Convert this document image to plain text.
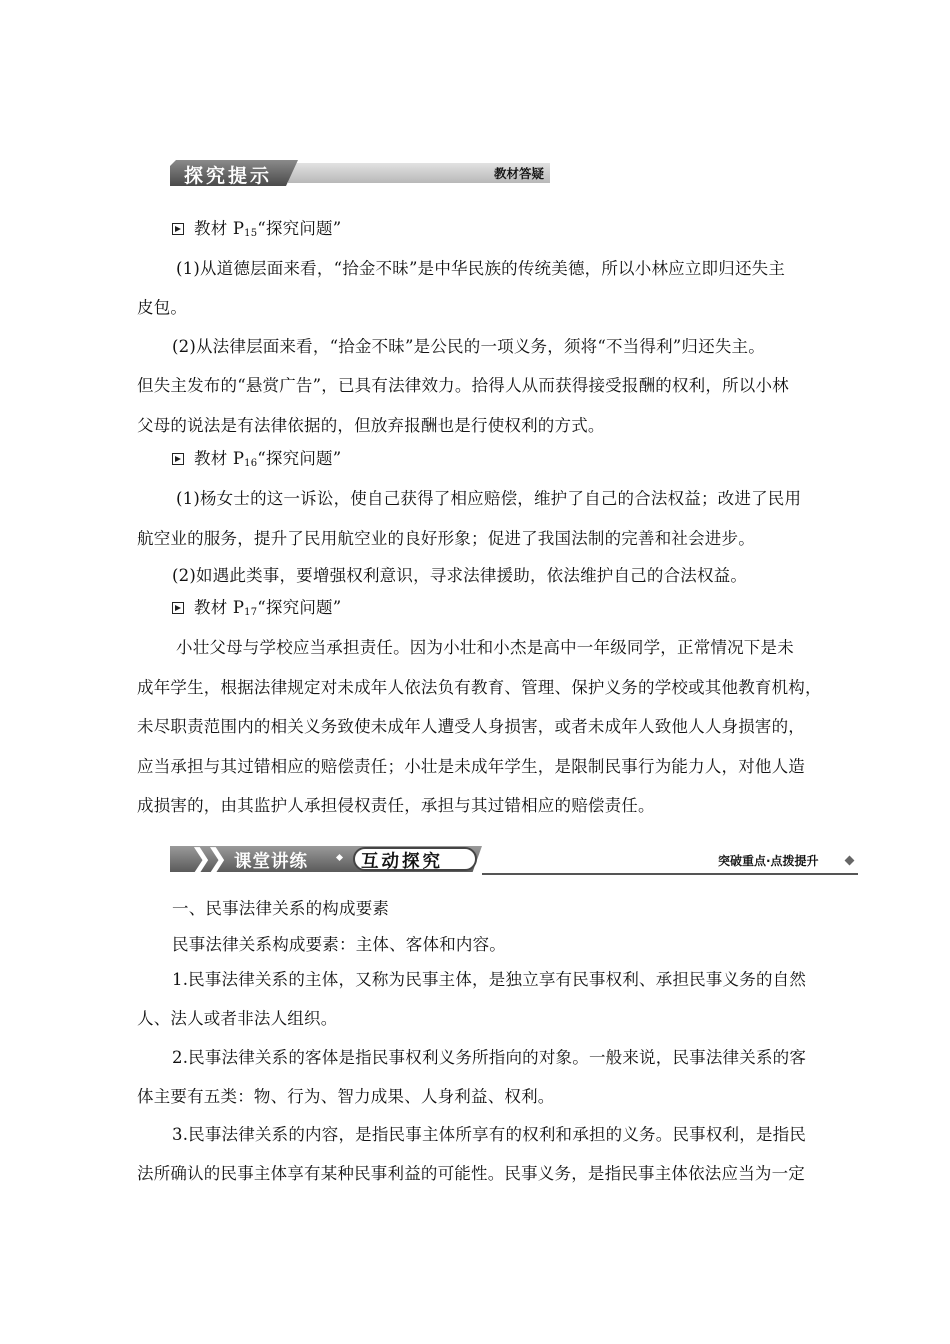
探究提示	教材答疑
教材 $P_{15}“$探究问题”
(1)从道德层面来看，“拾金不昧”是中华民族的传统美德，所以小林应立即归还失主
皮包。
(2)从法律层面来看，“拾金不昧”是公民的一项义务，须将“不当得利”归还失主。
但失主发布的“悬赏广告”，已具有法律效力。拾得人从而获得接受报酬的权利，所以小林
父母的说法是有法律依据的，但放弃报酬也是行使权利的方式。
教材 $P_{16}“$探究问题”
(1)杨女士的这一诉讼，使自己获得了相应赔偿，维护了自己的合法权益；改进了民用
航空业的服务，提升了民用航空业的良好形象；促进了我国法制的完善和社会进步。
(2)如遇此类事，要增强权利意识，寻求法律援助，依法维护自己的合法权益。
教材 $P_{17}“$探究问题”
小壮父母与学校应当承担责任。因为小壮和小杰是高中一年级同学，正常情况下是未
成年学生，根据法律规定对未成年人依法负有教育、管理、保护义务的学校或其他教育机构，
未尽职责范围内的相关义务致使未成年人遭受人身损害，或者未成年人致他人人身损害的，
应当承担与其过错相应的赔偿责任；小壮是未成年学生，是限制民事行为能力人，对他人造
成损害的，由其监护人承担侵权责任，承担与其过错相应的赔偿责任。
❯
❯ 课堂讲练	互动探究	突破重点·点拨提升
一、民事法律关系的构成要素
民事法律关系构成要素：主体、客体和内容。
1.民事法律关系的主体，又称为民事主体，是独立享有民事权利、承担民事义务的自然
人、法人或者非法人组织。
2.民事法律关系的客体是指民事权利义务所指向的对象。一般来说，民事法律关系的客
体主要有五类：物、行为、智力成果、人身利益、权利。
3.民事法律关系的内容，是指民事主体所享有的权利和承担的义务。民事权利，是指民
法所确认的民事主体享有某种民事利益的可能性。民事义务，是指民事主体依法应当为一定
